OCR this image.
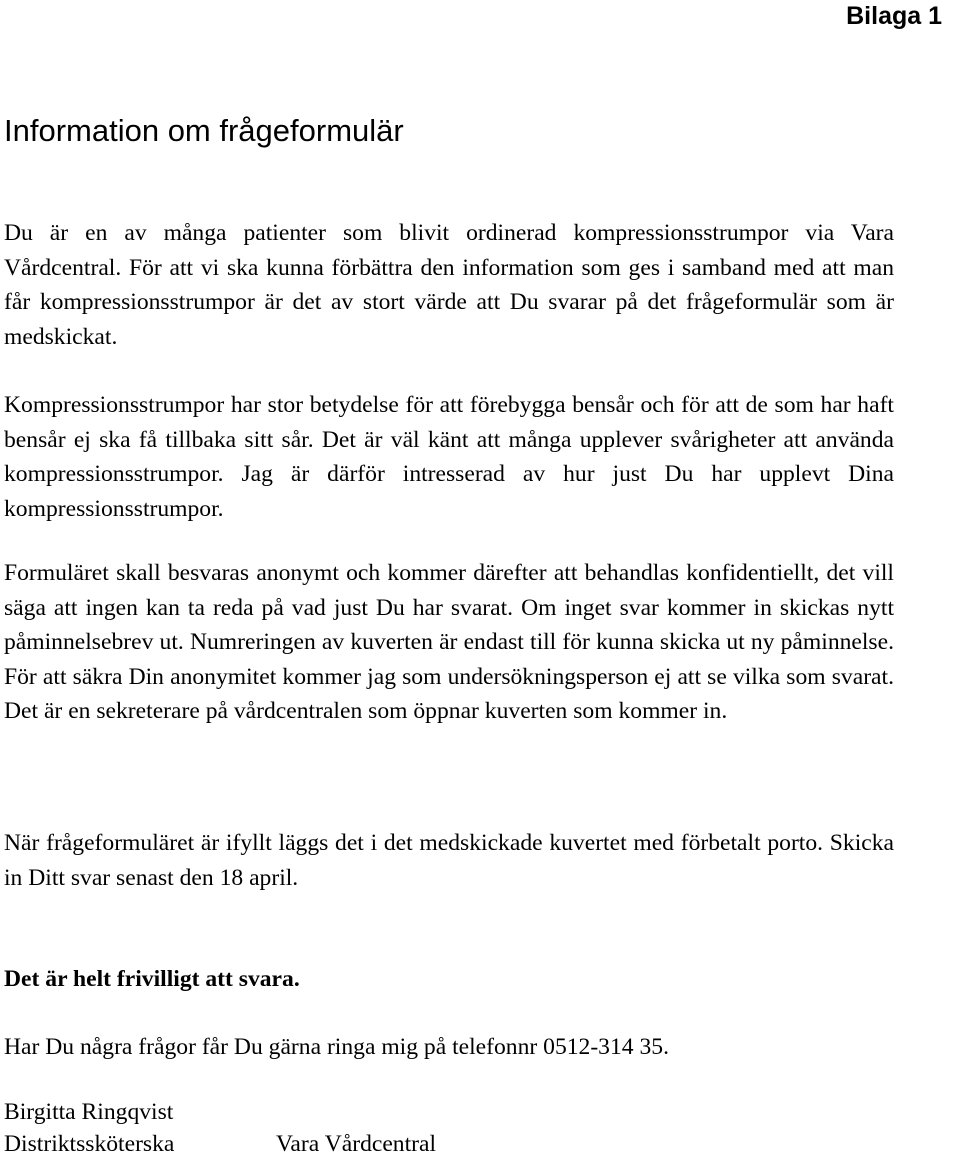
Bilaga 1
Information om frågeformulär

Du är en av många patienter som blivit ordinerad kompressionsstrumpor via Vara Vårdcentral. För att vi ska kunna förbättra den information som ges i samband med att man får kompressionsstrumpor är det av stort värde att Du svarar på det frågeformulär som är medskickat.

Kompressionsstrumpor har stor betydelse för att förebygga bensår och för att de som har haft bensår ej ska få tillbaka sitt sår. Det är väl känt att många upplever svårigheter att använda kompressionsstrumpor. Jag är därför intresserad av hur just Du har upplevt Dina kompressionsstrumpor.

Formuläret skall besvaras anonymt och kommer därefter att behandlas konfidentiellt, det vill säga att ingen kan ta reda på vad just Du har svarat. Om inget svar kommer in skickas nytt påminnelsebrev ut. Numreringen av kuverten är endast till för kunna skicka ut ny påminnelse. För att säkra Din anonymitet kommer jag som undersökningsperson ej att se vilka som svarat. Det är en sekreterare på vårdcentralen som öppnar kuverten som kommer in.

När frågeformuläret är ifyllt läggs det i det medskickade kuvertet med förbetalt porto. Skicka in Ditt svar senast den 18 april.

Det är helt frivilligt att svara.

Har Du några frågor får Du gärna ringa mig på telefonnr 0512-314 35.

Birgitta Ringqvist
Distriktssköterska	Vara Vårdcentral
